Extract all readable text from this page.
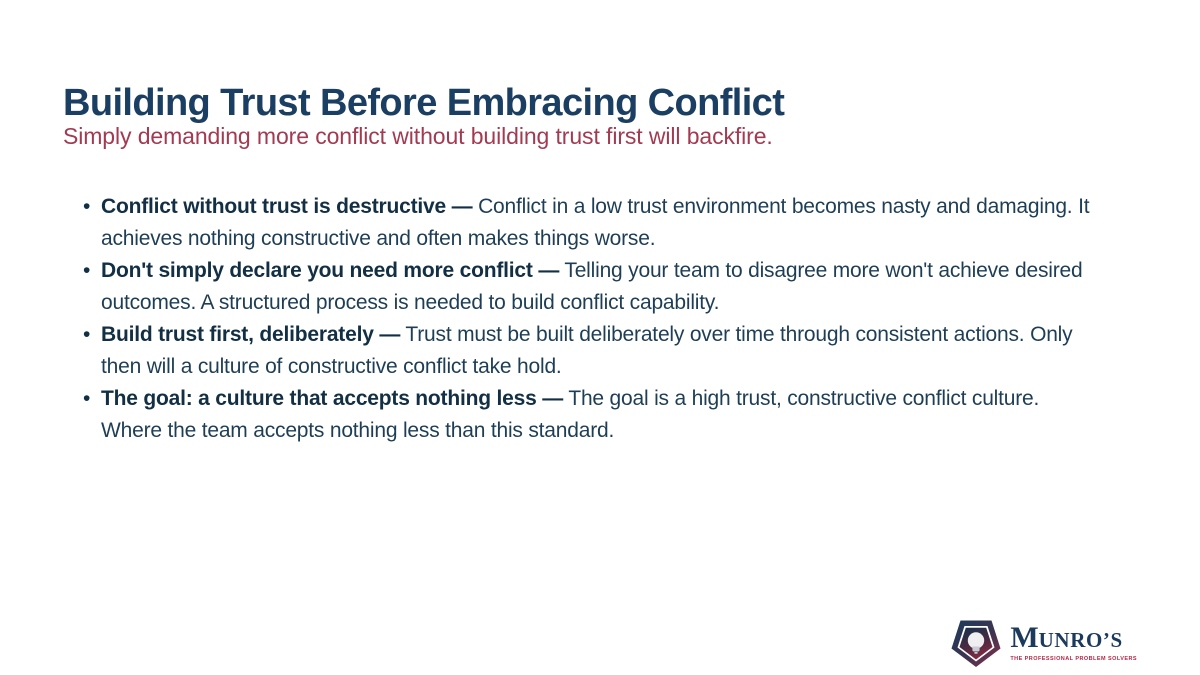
Building Trust Before Embracing Conflict
Simply demanding more conflict without building trust first will backfire.
• Conflict without trust is destructive — Conflict in a low trust environment becomes nasty and damaging. It achieves nothing constructive and often makes things worse.
• Don't simply declare you need more conflict — Telling your team to disagree more won't achieve desired outcomes. A structured process is needed to build conflict capability.
• Build trust first, deliberately — Trust must be built deliberately over time through consistent actions. Only then will a culture of constructive conflict take hold.
• The goal: a culture that accepts nothing less — The goal is a high trust, constructive conflict culture. Where the team accepts nothing less than this standard.
M UNRO’S
THE PROFESSIONAL PROBLEM SOLVERS
